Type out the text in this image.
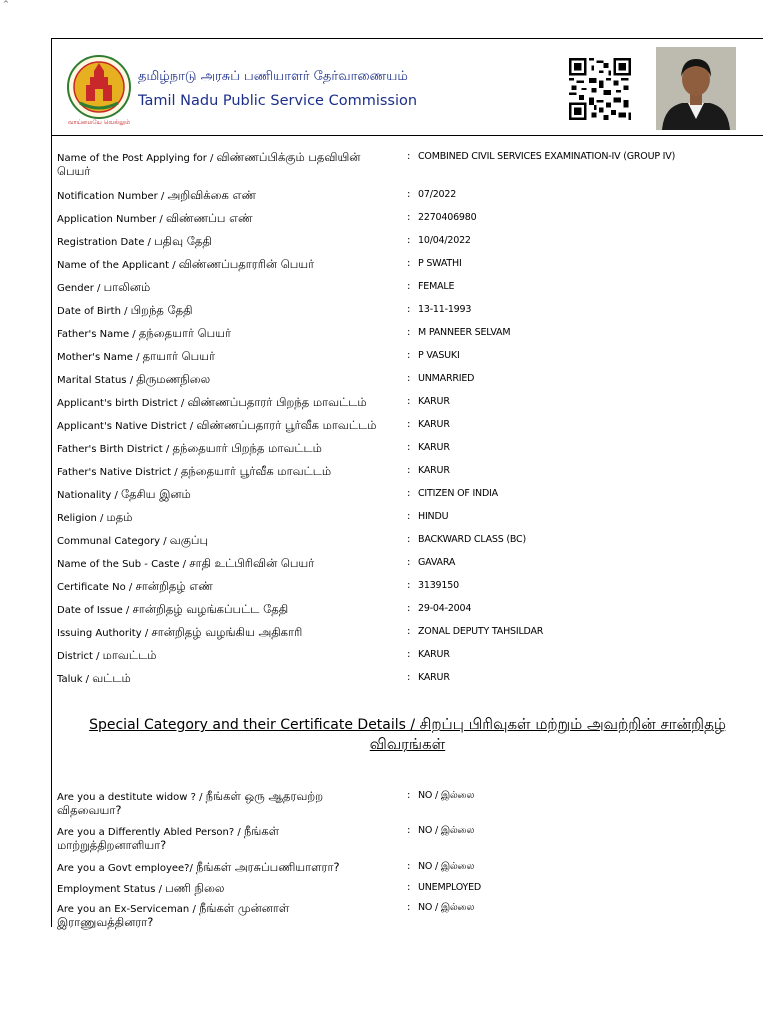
^
வாய்மையே வெல்லும்
தமிழ்நாடு அரசுப் பணியாளர் தேர்வாணையம்
Tamil Nadu Public Service Commission
Name of the Post Applying for / விண்ணப்பிக்கும் பதவியின் பெயர்
: COMBINED CIVIL SERVICES EXAMINATION-IV (GROUP IV)
Notification Number / அறிவிக்கை எண்	: 07/2022
Application Number / விண்ணப்ப எண்	: 2270406980
Registration Date / பதிவு தேதி	: 10/04/2022
Name of the Applicant / விண்ணப்பதாரரின் பெயர்	: P SWATHI
Gender / பாலினம்	: FEMALE
Date of Birth / பிறந்த தேதி	: 13-11-1993
Father's Name / தந்தையார் பெயர்	: M PANNEER SELVAM
Mother's Name / தாயார் பெயர்	: P VASUKI
Marital Status / திருமணநிலை	: UNMARRIED
Applicant's birth District / விண்ணப்பதாரர் பிறந்த மாவட்டம்	: KARUR
Applicant's Native District / விண்ணப்பதாரர் பூர்வீக மாவட்டம்	: KARUR
Father's Birth District / தந்தையார் பிறந்த மாவட்டம்	: KARUR
Father's Native District / தந்தையார் பூர்வீக மாவட்டம்	: KARUR
Nationality / தேசிய இனம்	: CITIZEN OF INDIA
Religion / மதம்	: HINDU
Communal Category / வகுப்பு	: BACKWARD CLASS (BC)
Name of the Sub - Caste / சாதி உட்பிரிவின் பெயர்	: GAVARA
Certificate No / சான்றிதழ் எண்	: 3139150
Date of Issue / சான்றிதழ் வழங்கப்பட்ட தேதி	: 29-04-2004
Issuing Authority / சான்றிதழ் வழங்கிய அதிகாரி	: ZONAL DEPUTY TAHSILDAR
District / மாவட்டம்	: KARUR
Taluk / வட்டம்	: KARUR
Special Category and their Certificate Details / சிறப்பு பிரிவுகள் மற்றும் அவற்றின் சான்றிதழ் விவரங்கள்
Are you a destitute widow ? / நீங்கள் ஒரு ஆதரவற்ற விதவையா?
: NO / இல்லை
Are you a Differently Abled Person? / நீங்கள் மாற்றுத்திறனாளியா?
: NO / இல்லை
Are you a Govt employee?/ நீங்கள் அரசுப்பணியாளரா?	: NO / இல்லை
Employment Status / பணி நிலை	: UNEMPLOYED
Are you an Ex-Serviceman / நீங்கள் முன்னாள் இராணுவத்தினரா?
: NO / இல்லை
